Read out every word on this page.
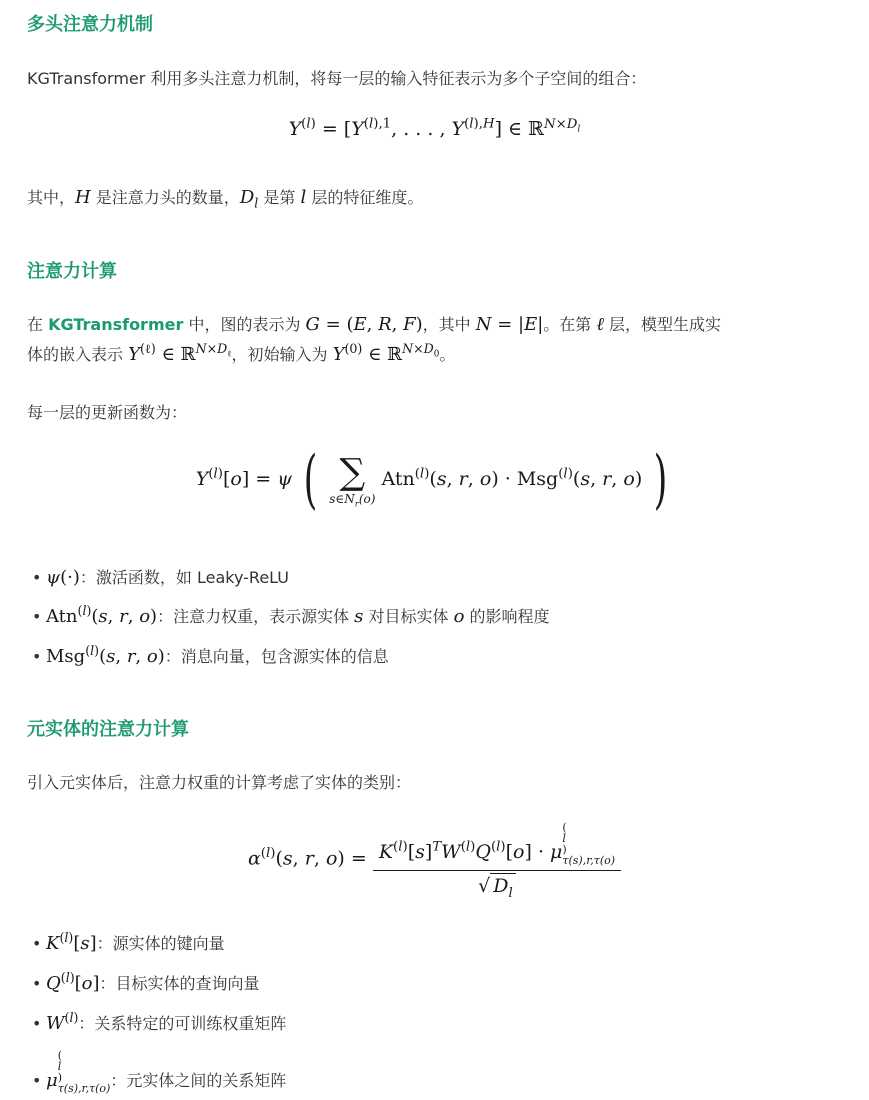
多头注意力机制

KGTransformer 利用多头注意力机制，将每一层的输入特征表示为多个子空间的组合：

$Y^{(l)} = [Y^{(l),1}$, . . . , $Y^{(l),H}$] ∈ ℝ$^{N\times D_l}$

其中，H 是注意力头的数量，$D_l$ 是第 l 层的特征维度。

注意力计算

在 KGTransformer 中，图的表示为 G = (E, R, F)，其中 N = |E|。在第 ℓ 层，模型生成实
体的嵌入表示 $Y^{(\ell)}$ ∈ ℝ$^{N\times D_\ell}$，初始输入为 $Y^{(0)}$ ∈ ℝ$^{N\times D_0}$。

每一层的更新函数为：

$Y^{(l)}[o] = \psi$ ( ∑
$s\in N_r(o)$
Atn$^{(l)}$(s, r, o) · Msg$^{(l)}$(s, r, o) )
• ψ(·)：激活函数，如 Leaky-ReLU
• Atn$^{(l)}$(s, r, o)：注意力权重，表示源实体 s 对目标实体 o 的影响程度
• Msg$^{(l)}$(s, r, o)：消息向量，包含源实体的信息
元实体的注意力计算

引入元实体后，注意力权重的计算考虑了实体的类别：

$\alpha^{(l)}(s$, r, $o) = K^{(l)}[s]^TW^{(l)}Q^{(l)}[o] \cdot \mu$
(
l
)
τ(s),r,τ(o)
√ $D_l$
• $K^{(l)}[s]$：源实体的键向量
• $Q^{(l)}[o]$：目标实体的查询向量
• $W^{(l)}$：关系特定的可训练权重矩阵
• μ
(
l
)
τ(s),r,τ(o) ：元实体之间的关系矩阵
